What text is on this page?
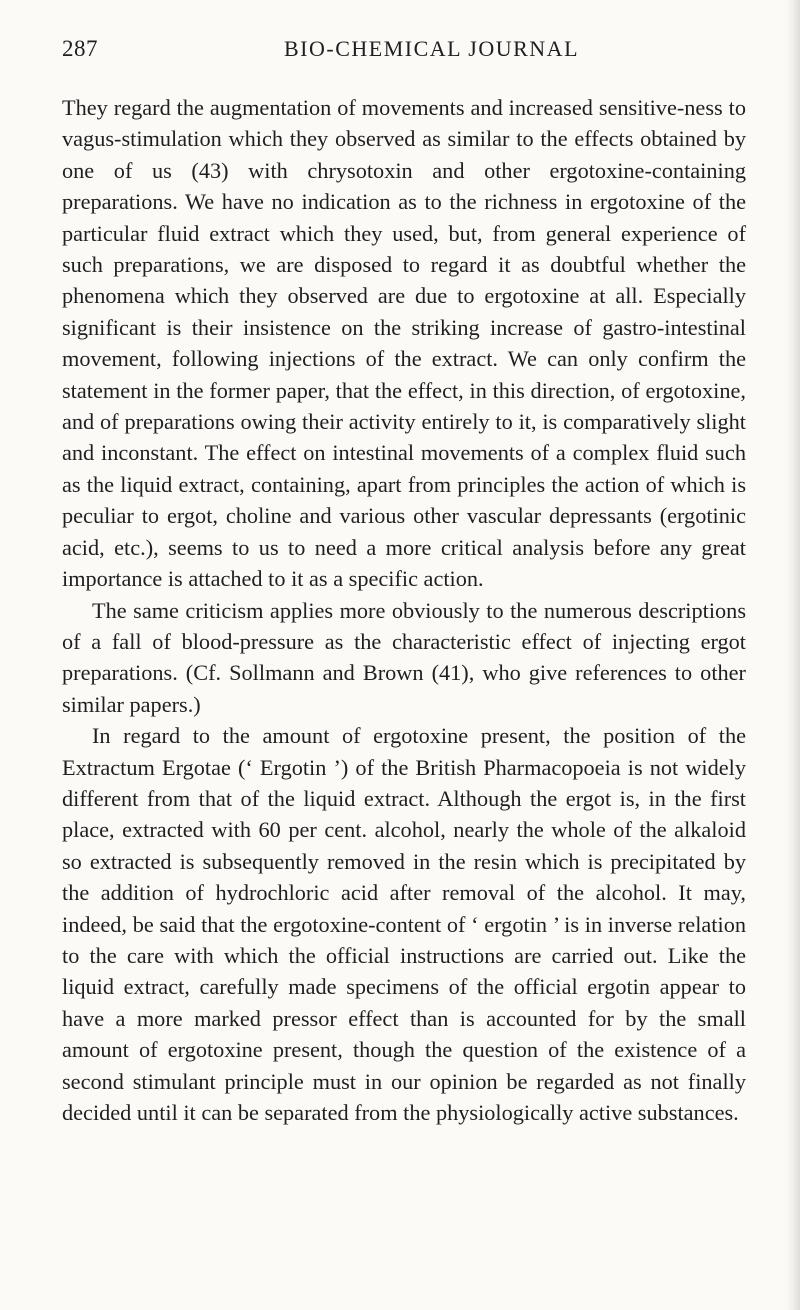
287	BIO-CHEMICAL JOURNAL

They regard the augmentation of movements and increased sensitive-ness to vagus-stimulation which they observed as similar to the effects obtained by one of us (43) with chrysotoxin and other ergotoxine-containing preparations. We have no indication as to the richness in ergotoxine of the particular fluid extract which they used, but, from general experience of such preparations, we are disposed to regard it as doubtful whether the phenomena which they observed are due to ergotoxine at all. Especially significant is their insistence on the striking increase of gastro-intestinal movement, following injections of the extract. We can only confirm the statement in the former paper, that the effect, in this direction, of ergotoxine, and of preparations owing their activity entirely to it, is comparatively slight and inconstant. The effect on intestinal movements of a complex fluid such as the liquid extract, containing, apart from principles the action of which is peculiar to ergot, choline and various other vascular depressants (ergotinic acid, etc.), seems to us to need a more critical analysis before any great importance is attached to it as a specific action.

The same criticism applies more obviously to the numerous descriptions of a fall of blood-pressure as the characteristic effect of injecting ergot preparations. (Cf. Sollmann and Brown (41), who give references to other similar papers.)

In regard to the amount of ergotoxine present, the position of the Extractum Ergotae (‘ Ergotin ’) of the British Pharmacopoeia is not widely different from that of the liquid extract. Although the ergot is, in the first place, extracted with 60 per cent. alcohol, nearly the whole of the alkaloid so extracted is subsequently removed in the resin which is precipitated by the addition of hydrochloric acid after removal of the alcohol. It may, indeed, be said that the ergotoxine-content of ‘ ergotin ’ is in inverse relation to the care with which the official instructions are carried out. Like the liquid extract, carefully made specimens of the official ergotin appear to have a more marked pressor effect than is accounted for by the small amount of ergotoxine present, though the question of the existence of a second stimulant principle must in our opinion be regarded as not finally decided until it can be separated from the physiologically active substances.
